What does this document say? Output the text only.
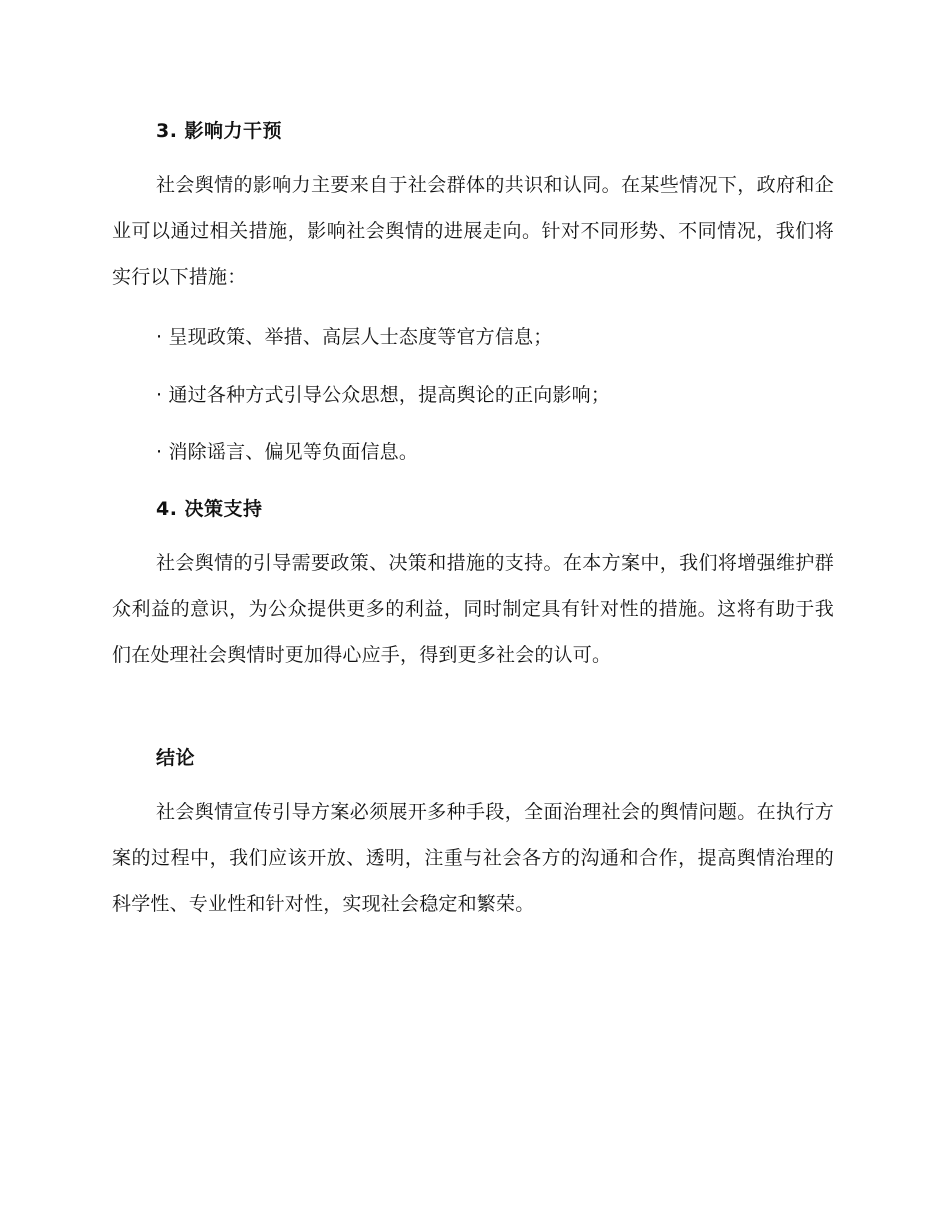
3. 影响力干预
社会舆情的影响力主要来自于社会群体的共识和认同。在某些情况下，政府和企业可以通过相关措施，影响社会舆情的进展走向。针对不同形势、不同情况，我们将实行以下措施：
· 呈现政策、举措、高层人士态度等官方信息；
· 通过各种方式引导公众思想，提高舆论的正向影响；
· 消除谣言、偏见等负面信息。
4. 决策支持
社会舆情的引导需要政策、决策和措施的支持。在本方案中，我们将增强维护群众利益的意识，为公众提供更多的利益，同时制定具有针对性的措施。这将有助于我们在处理社会舆情时更加得心应手，得到更多社会的认可。
结论
社会舆情宣传引导方案必须展开多种手段，全面治理社会的舆情问题。在执行方案的过程中，我们应该开放、透明，注重与社会各方的沟通和合作，提高舆情治理的科学性、专业性和针对性，实现社会稳定和繁荣。
